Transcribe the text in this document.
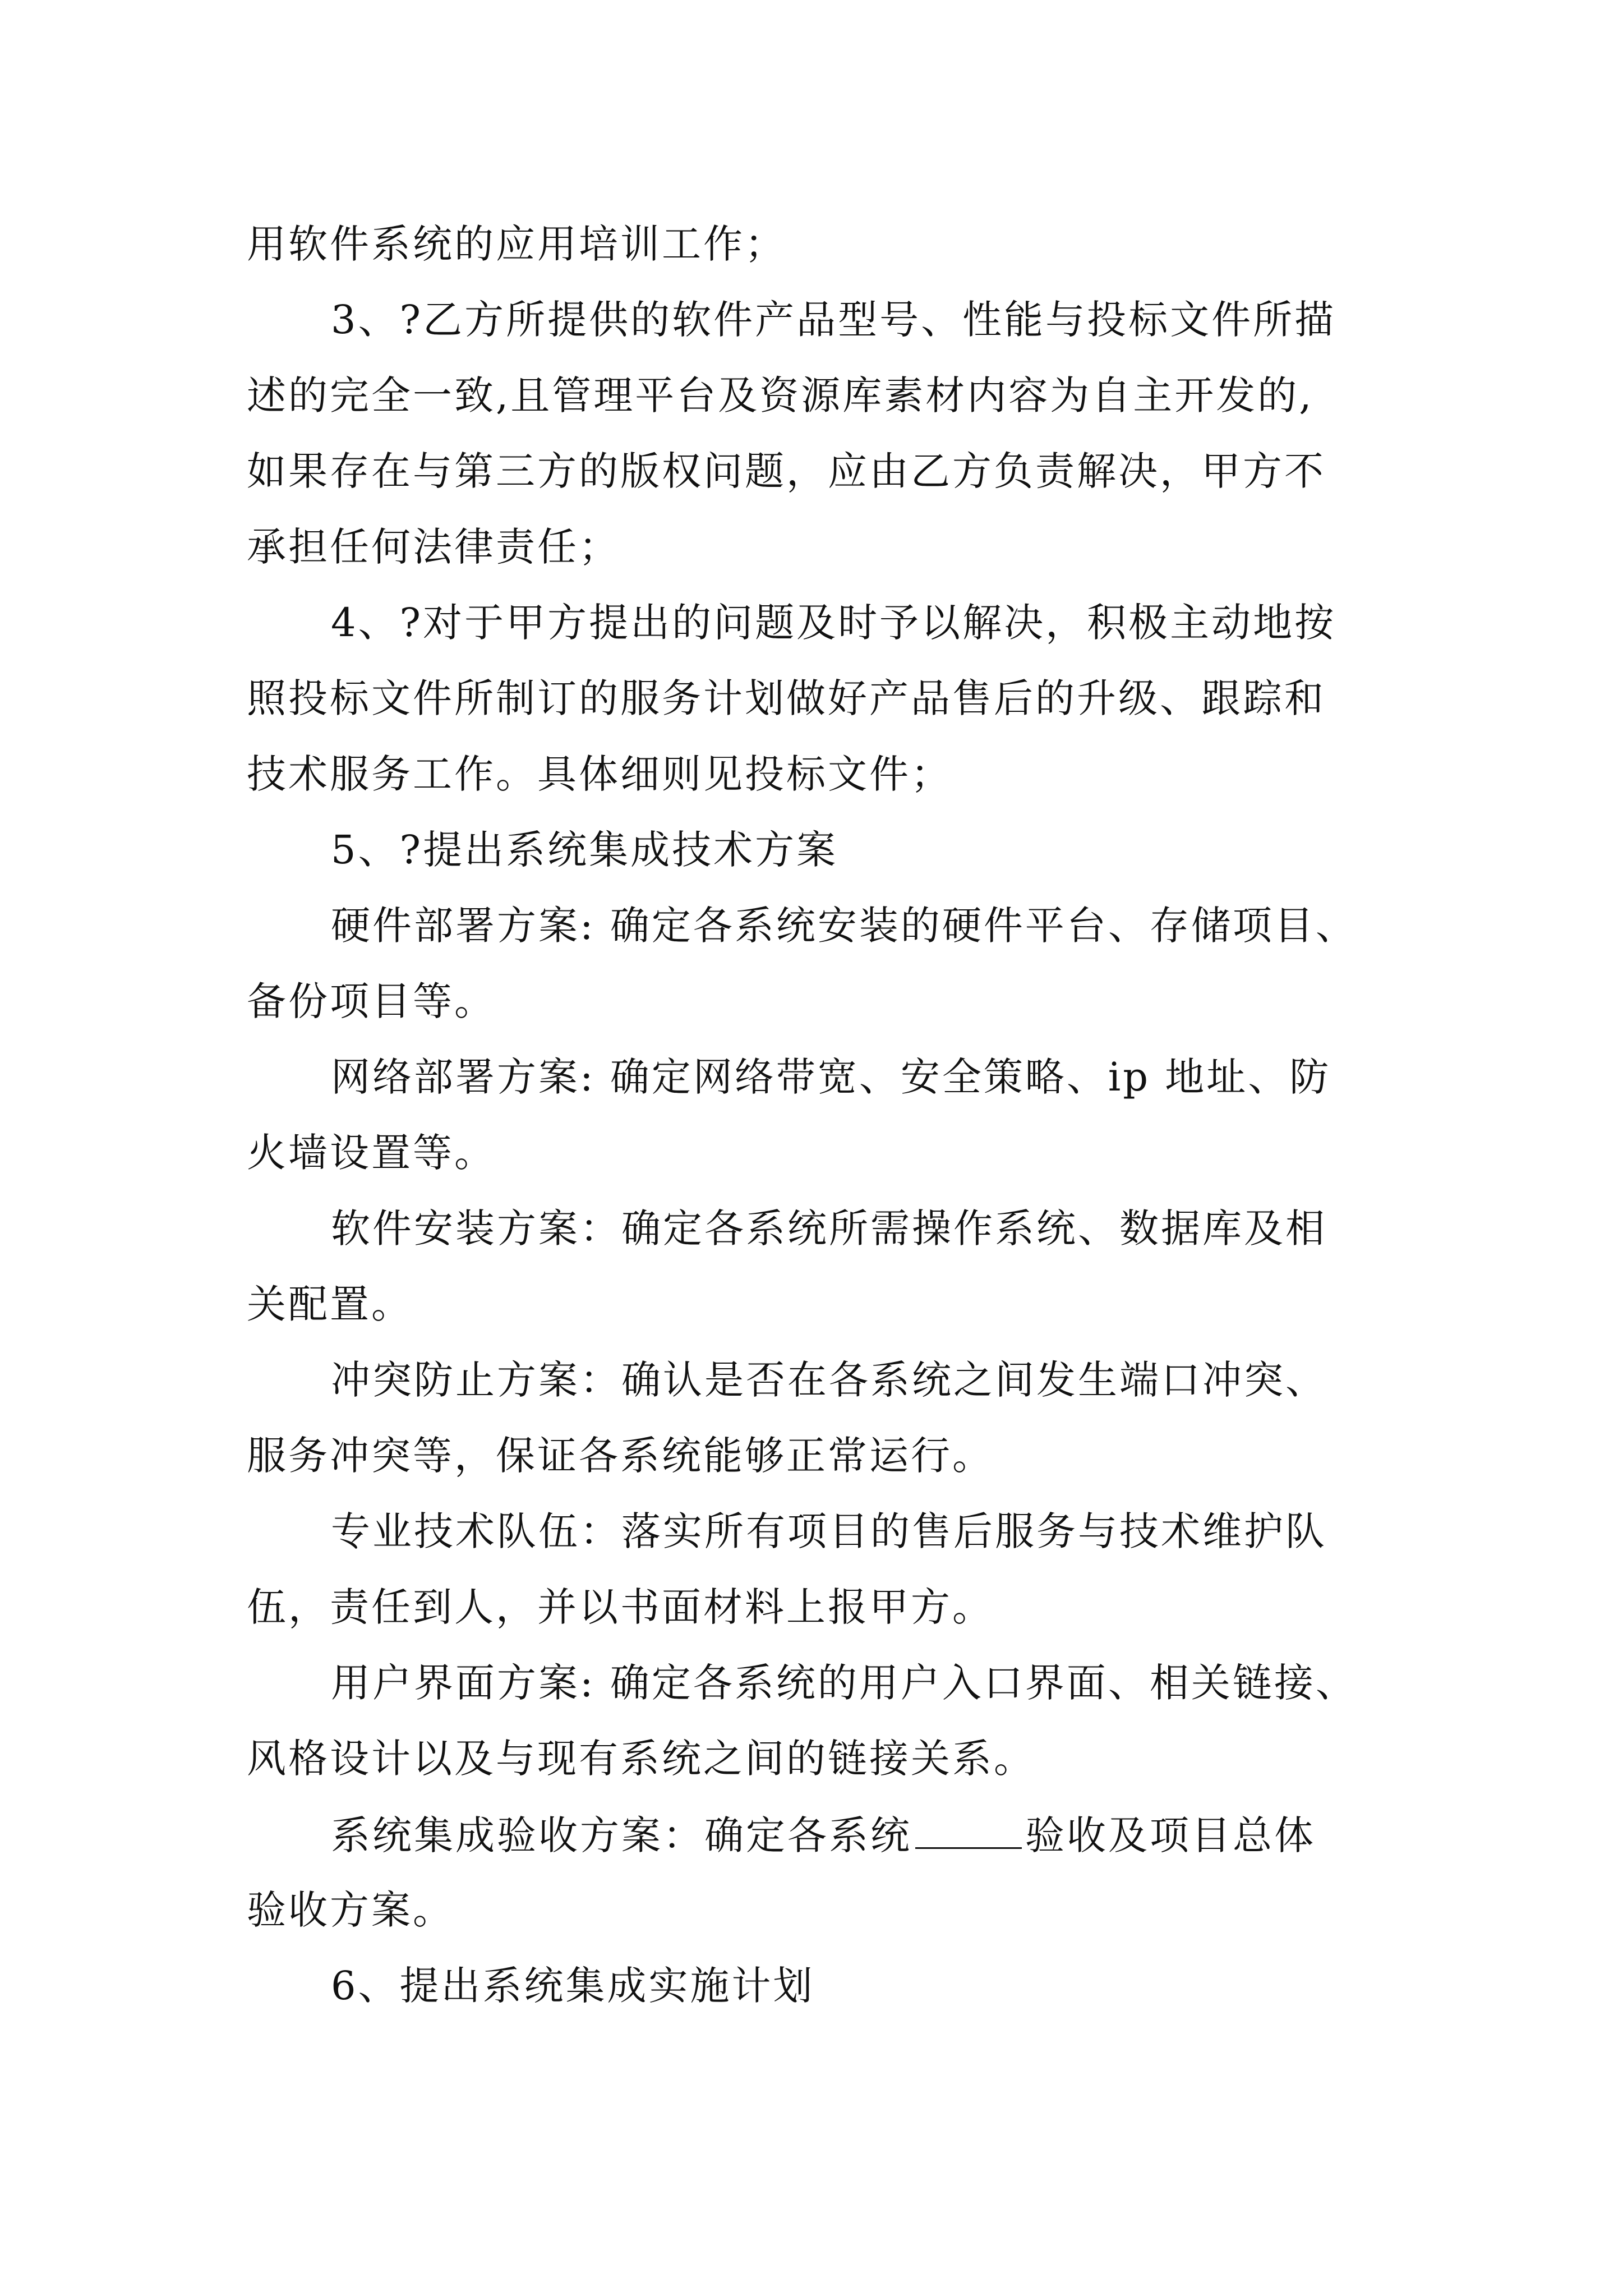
用软件系统的应用培训工作；
3、?乙方所提供的软件产品型号、性能与投标文件所描
述的完全一致,且管理平台及资源库素材内容为自主开发的,
如果存在与第三方的版权问题，应由乙方负责解决，甲方不
承担任何法律责任；
4、?对于甲方提出的问题及时予以解决，积极主动地按
照投标文件所制订的服务计划做好产品售后的升级、跟踪和
技术服务工作。具体细则见投标文件；
5、?提出系统集成技术方案
硬件部署方案: 确定各系统安装的硬件平台、存储项目、
备份项目等。
网络部署方案: 确定网络带宽、安全策略、ip 地址、防
火墙设置等。
软件安装方案：确定各系统所需操作系统、数据库及相
关配置。
冲突防止方案：确认是否在各系统之间发生端口冲突、
服务冲突等，保证各系统能够正常运行。
专业技术队伍：落实所有项目的售后服务与技术维护队
伍，责任到人，并以书面材料上报甲方。
用户界面方案: 确定各系统的用户入口界面、相关链接、
风格设计以及与现有系统之间的链接关系。
系统集成验收方案：确定各系统	验收及项目总体
验收方案。
6、提出系统集成实施计划
